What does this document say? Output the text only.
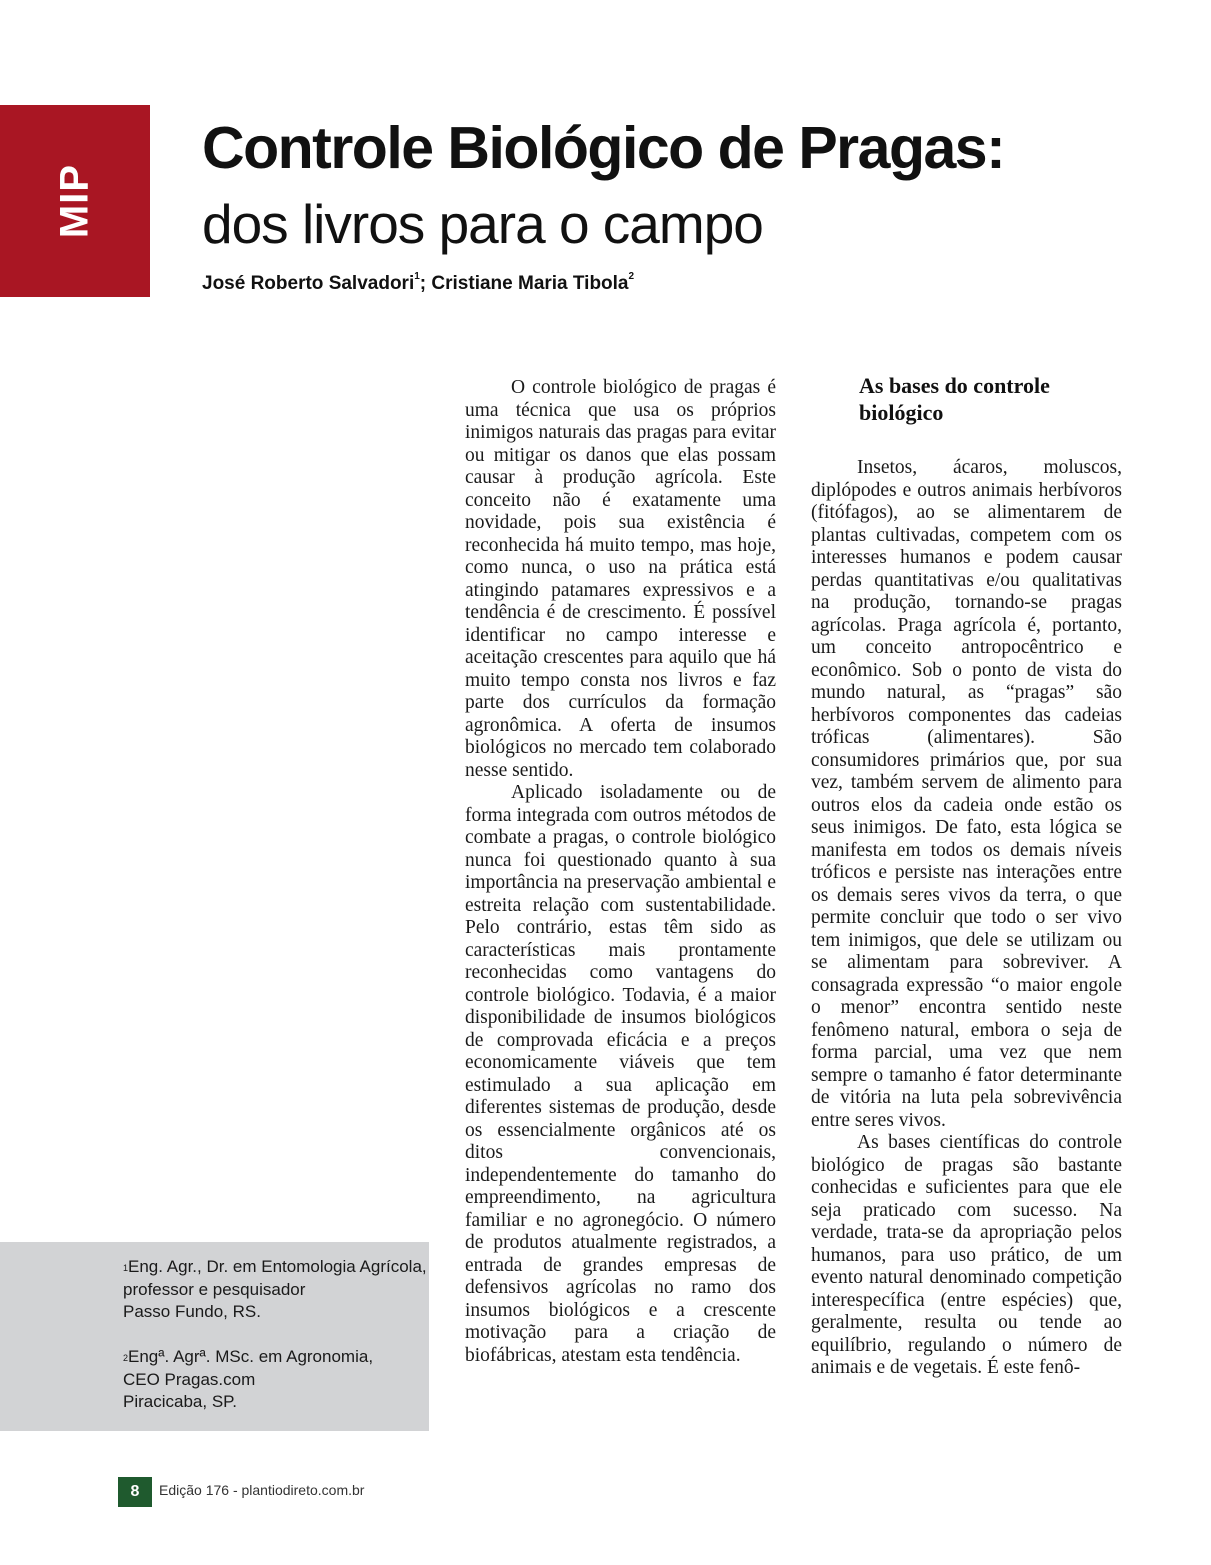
MIP
Controle Biológico de Pragas:
dos livros para o campo
José Roberto Salvadori$^1$; Cristiane Maria Tibola$^2$

O controle biológico de pragas é uma técnica que usa os próprios inimigos naturais das pragas para evitar ou mitigar os danos que elas possam causar à produção agrícola. Este conceito não é exatamente uma novidade, pois sua existência é reconhecida há muito tempo, mas hoje, como nunca, o uso na prática está atingindo patamares expressivos e a tendência é de crescimento. É possível identificar no campo interesse e aceitação crescentes para aquilo que há muito tempo consta nos livros e faz parte dos currículos da formação agronômica. A oferta de insumos biológicos no mercado tem colaborado nesse sentido.

Aplicado isoladamente ou de forma integrada com outros métodos de combate a pragas, o controle biológico nunca foi questionado quanto à sua importância na preservação ambiental e estreita relação com sustentabilidade. Pelo contrário, estas têm sido as características mais prontamente reconhecidas como vantagens do controle biológico. Todavia, é a maior disponibilidade de insumos biológicos de comprovada eficácia e a preços economicamente viáveis que tem estimulado a sua aplicação em diferentes sistemas de produção, desde os essencialmente orgânicos até os ditos convencionais, independentemente do tamanho do empreendimento, na agricultura familiar e no agronegócio. O número de produtos atualmente registrados, a entrada de grandes empresas de defensivos agrícolas no ramo dos insumos biológicos e a crescente motivação para a criação de biofábricas, atestam esta tendência.

As bases do controle biológico

Insetos, ácaros, moluscos, diplópodes e outros animais herbívoros (fitófagos), ao se alimentarem de plantas cultivadas, competem com os interesses humanos e podem causar perdas quantitativas e/ou qualitativas na produção, tornando-se pragas agrícolas. Praga agrícola é, portanto, um conceito antropocêntrico e econômico. Sob o ponto de vista do mundo natural, as “pragas” são herbívoros componentes das cadeias tróficas (alimentares). São consumidores primários que, por sua vez, também servem de alimento para outros elos da cadeia onde estão os seus inimigos. De fato, esta lógica se manifesta em todos os demais níveis tróficos e persiste nas interações entre os demais seres vivos da terra, o que permite concluir que todo o ser vivo tem inimigos, que dele se utilizam ou se alimentam para sobreviver. A consagrada expressão “o maior engole o menor” encontra sentido neste fenômeno natural, embora o seja de forma parcial, uma vez que nem sempre o tamanho é fator determinante de vitória na luta pela sobrevivência entre seres vivos.

As bases científicas do controle biológico de pragas são bastante conhecidas e suficientes para que ele seja praticado com sucesso. Na verdade, trata-se da apropriação pelos humanos, para uso prático, de um evento natural denominado competição interespecífica (entre espécies) que, geralmente, resulta ou tende ao equilíbrio, regulando o número de animais e de vegetais. É este fenô-

$^1$Eng. Agr., Dr. em Entomologia Agrícola,
professor e pesquisador
Passo Fundo, RS.
$^2$Engª. Agrª. MSc. em Agronomia,
CEO Pragas.com
Piracicaba, SP.
8	Edição 176 - plantiodireto.com.br
